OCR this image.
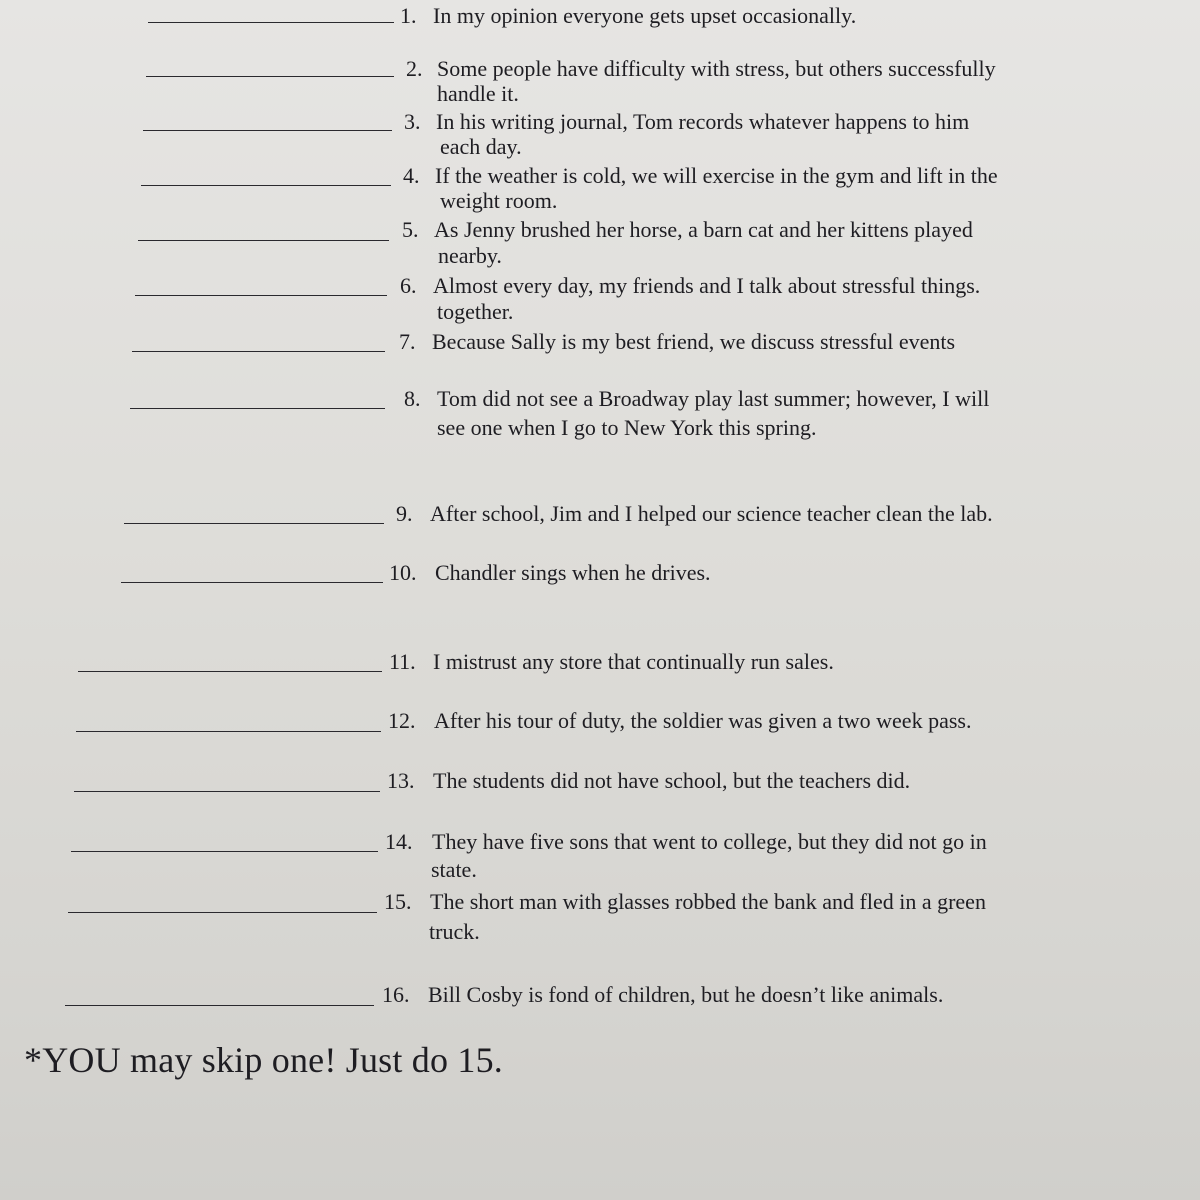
1. In my opinion everyone gets upset occasionally.
2. Some people have difficulty with stress, but others successfully
handle it.
3. In his writing journal, Tom records whatever happens to him
each day.
4. If the weather is cold, we will exercise in the gym and lift in the
weight room.
5. As Jenny brushed her horse, a barn cat and her kittens played
nearby.
6. Almost every day, my friends and I talk about stressful things.
together.
7. Because Sally is my best friend, we discuss stressful events
8. Tom did not see a Broadway play last summer; however, I will
see one when I go to New York this spring.
9. After school, Jim and I helped our science teacher clean the lab.
10. Chandler sings when he drives.
11. I mistrust any store that continually run sales.
12. After his tour of duty, the soldier was given a two week pass.
13. The students did not have school, but the teachers did.
14. They have five sons that went to college, but they did not go in
state.
15. The short man with glasses robbed the bank and fled in a green
truck.
16. Bill Cosby is fond of children, but he doesn’t like animals.
*YOU may skip one! Just do 15.
